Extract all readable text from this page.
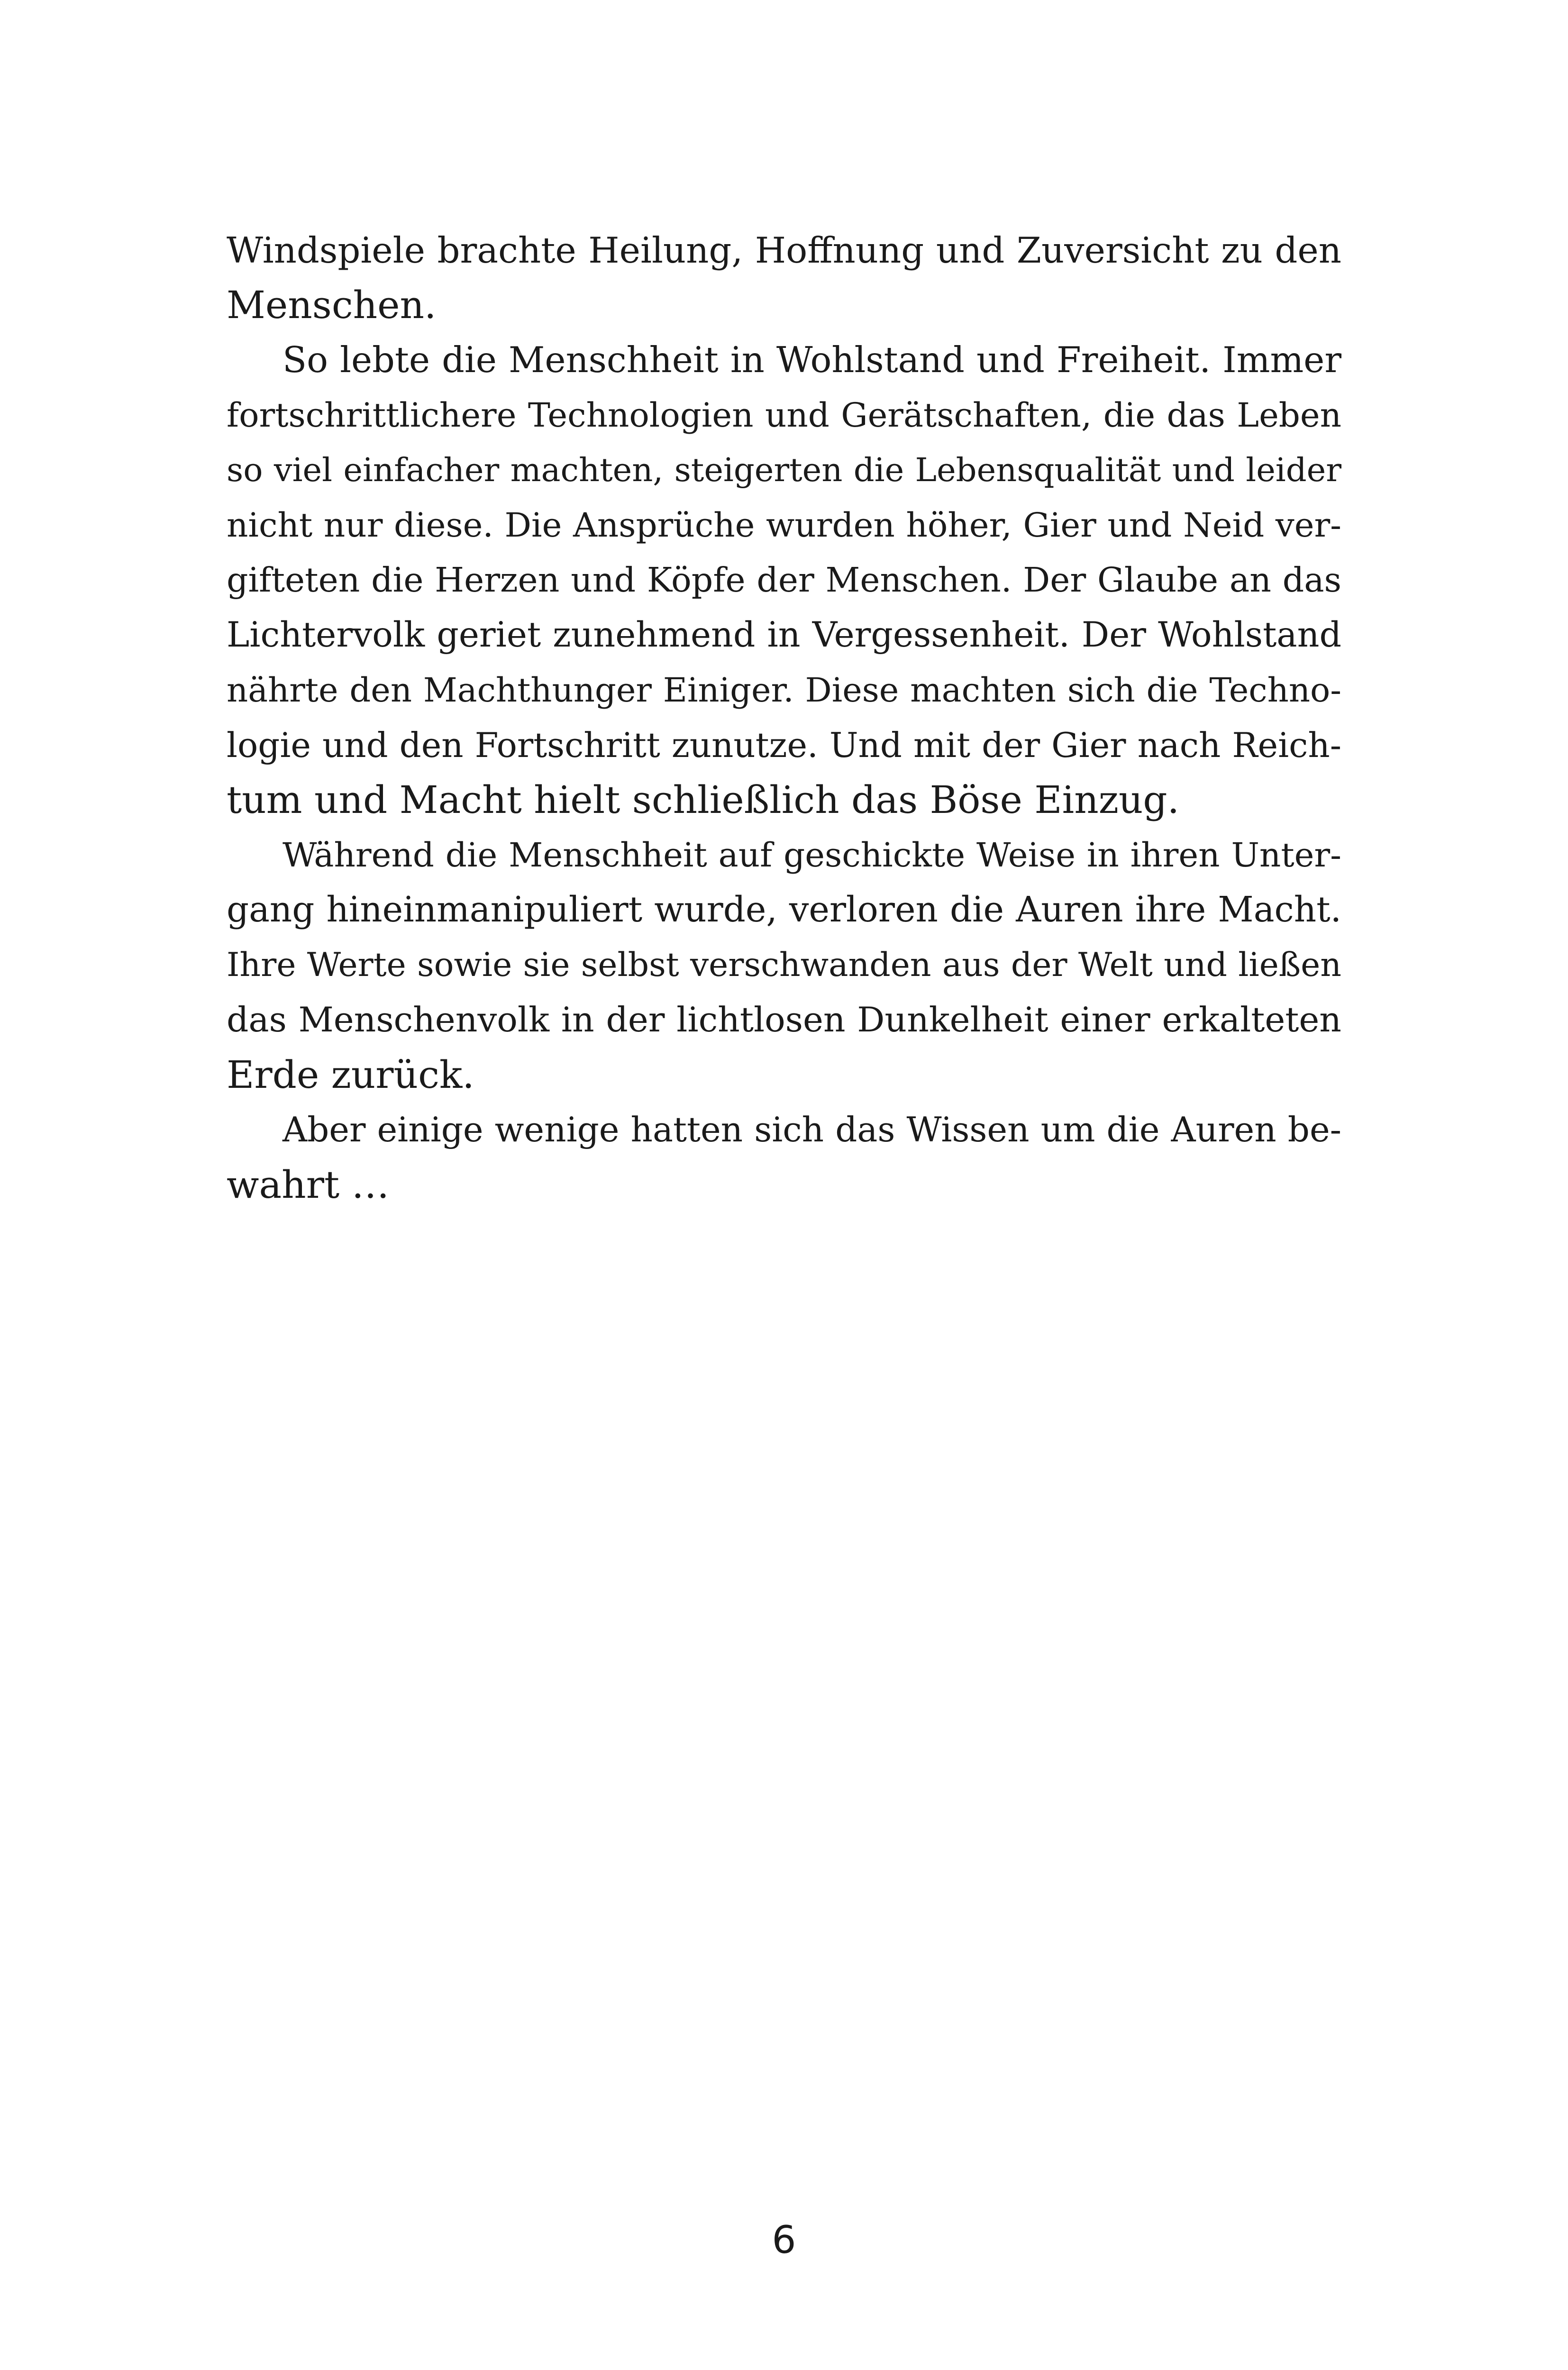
Windspiele brachte Heilung, Hoffnung und Zuversicht zu den
Menschen.
So lebte die Menschheit in Wohlstand und Freiheit. Immer
fortschrittlichere Technologien und Gerätschaften, die das Leben
so viel einfacher machten, steigerten die Lebensqualität und leider
nicht nur diese. Die Ansprüche wurden höher, Gier und Neid ver-
gifteten die Herzen und Köpfe der Menschen. Der Glaube an das
Lichtervolk geriet zunehmend in Vergessenheit. Der Wohlstand
nährte den Machthunger Einiger. Diese machten sich die Techno-
logie und den Fortschritt zunutze. Und mit der Gier nach Reich-
tum und Macht hielt schließlich das Böse Einzug.
Während die Menschheit auf geschickte Weise in ihren Unter-
gang hineinmanipuliert wurde, verloren die Auren ihre Macht.
Ihre Werte sowie sie selbst verschwanden aus der Welt und ließen
das Menschenvolk in der lichtlosen Dunkelheit einer erkalteten
Erde zurück.
Aber einige wenige hatten sich das Wissen um die Auren be-
wahrt …
6
